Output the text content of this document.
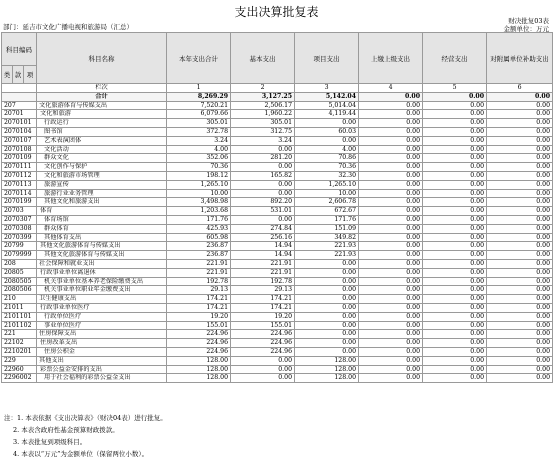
支出决算批复表
部门：延吉市文化广播电视和旅游局（汇总）
财决批复03表
金额单位：万元
科目编码			科目名称	本年支出合计	基本支出	项目支出	上缴上级支出	经营支出	对附属单位补助支出
类	款	项							
			栏次	1	2	3	4	5	6
			合计	8,269.29	3,127.25	5,142.04	0.00	0.00	0.00
207			文化旅游体育与传媒支出	7,520.21	2,506.17	5,014.04	0.00	0.00	0.00
20701			文化和旅游	6,079.66	1,960.22	4,119.44	0.00	0.00	0.00
2070101			行政运行	305.01	305.01	0.00	0.00	0.00	0.00
2070104			图书馆	372.78	312.75	60.03	0.00	0.00	0.00
2070107			艺术表演团体	3.24	3.24	0.00	0.00	0.00	0.00
2070108			文化活动	4.00	0.00	4.00	0.00	0.00	0.00
2070109			群众文化	352.06	281.20	70.86	0.00	0.00	0.00
2070111			文化创作与保护	70.36	0.00	70.36	0.00	0.00	0.00
2070112			文化和旅游市场管理	198.12	165.82	32.30	0.00	0.00	0.00
2070113			旅游宣传	1,265.10	0.00	1,265.10	0.00	0.00	0.00
2070114			旅游行业业务管理	10.00	0.00	10.00	0.00	0.00	0.00
2070199			其他文化和旅游支出	3,498.98	892.20	2,606.78	0.00	0.00	0.00
20703			体育	1,203.68	531.01	672.67	0.00	0.00	0.00
2070307			体育场馆	171.76	0.00	171.76	0.00	0.00	0.00
2070308			群众体育	425.93	274.84	151.09	0.00	0.00	0.00
2070399			其他体育支出	605.98	256.16	349.82	0.00	0.00	0.00
20799			其他文化旅游体育与传媒支出	236.87	14.94	221.93	0.00	0.00	0.00
2079999			其他文化旅游体育与传媒支出	236.87	14.94	221.93	0.00	0.00	0.00
208			社会保障和就业支出	221.91	221.91	0.00	0.00	0.00	0.00
20805			行政事业单位离退休	221.91	221.91	0.00	0.00	0.00	0.00
2080505			机关事业单位基本养老保险缴费支出	192.78	192.78	0.00	0.00	0.00	0.00
2080506			机关事业单位职业年金缴费支出	29.13	29.13	0.00	0.00	0.00	0.00
210			卫生健康支出	174.21	174.21	0.00	0.00	0.00	0.00
21011			行政事业单位医疗	174.21	174.21	0.00	0.00	0.00	0.00
2101101			行政单位医疗	19.20	19.20	0.00	0.00	0.00	0.00
2101102			事业单位医疗	155.01	155.01	0.00	0.00	0.00	0.00
221			住房保障支出	224.96	224.96	0.00	0.00	0.00	0.00
22102			住房改革支出	224.96	224.96	0.00	0.00	0.00	0.00
2210201			住房公积金	224.96	224.96	0.00	0.00	0.00	0.00
229			其他支出	128.00	0.00	128.00	0.00	0.00	0.00
22960			彩票公益金安排的支出	128.00	0.00	128.00	0.00	0.00	0.00
2296002			用于社会福利的彩票公益金支出	128.00	0.00	128.00	0.00	0.00	0.00
注：1. 本表依据《支出决算表》（财决04表）进行批复。
2. 本表含政府性基金预算财政拨款。
3. 本表批复到项级科目。
4. 本表以“万元”为金额单位（保留两位小数）。
